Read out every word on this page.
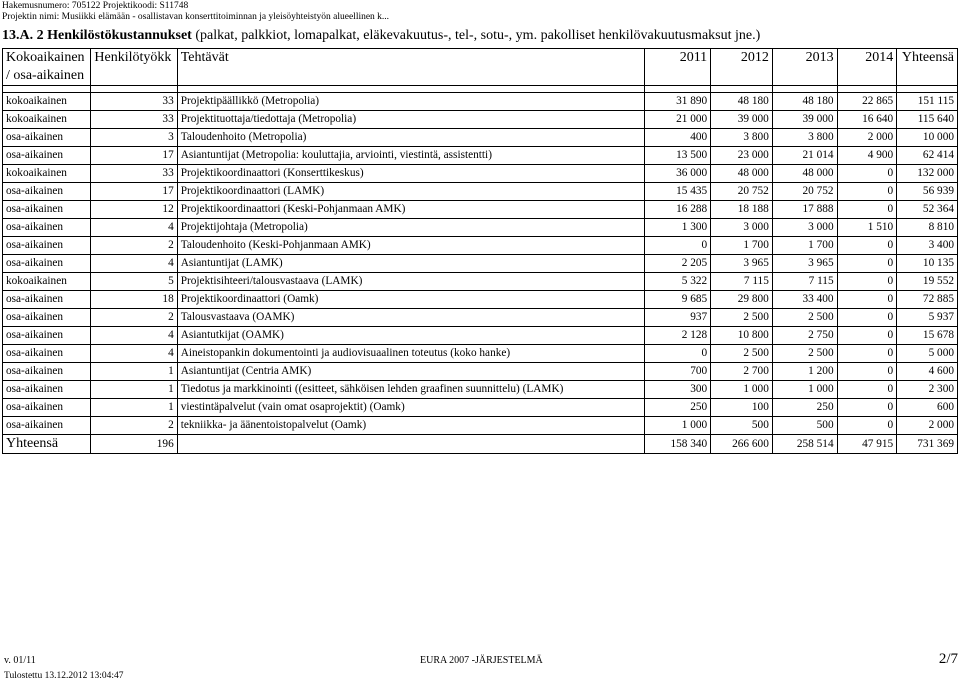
Hakemusnumero: 705122 Projektikoodi: S11748
Projektin nimi: Musiikki elämään - osallistavan konserttitoiminnan ja yleisöyhteistyön alueellinen k...
13.A. 2 Henkilöstökustannukset (palkat, palkkiot, lomapalkat, eläkevakuutus-, tel-, sotu-, ym. pakolliset henkilövakuutusmaksut jne.)
Kokoaikainen / osa-aikainen	Henkilötyökk	Tehtävät	2011	2012	2013	2014	Yhteensä

kokoaikainen	33	Projektipäällikkö (Metropolia)	31 890	48 180	48 180	22 865	151 115
kokoaikainen	33	Projektituottaja/tiedottaja (Metropolia)	21 000	39 000	39 000	16 640	115 640
osa-aikainen	3	Taloudenhoito (Metropolia)	400	3 800	3 800	2 000	10 000
osa-aikainen	17	Asiantuntijat (Metropolia: kouluttajia, arviointi, viestintä, assistentti)	13 500	23 000	21 014	4 900	62 414
kokoaikainen	33	Projektikoordinaattori (Konserttikeskus)	36 000	48 000	48 000	0	132 000
osa-aikainen	17	Projektikoordinaattori (LAMK)	15 435	20 752	20 752	0	56 939
osa-aikainen	12	Projektikoordinaattori (Keski-Pohjanmaan AMK)	16 288	18 188	17 888	0	52 364
osa-aikainen	4	Projektijohtaja (Metropolia)	1 300	3 000	3 000	1 510	8 810
osa-aikainen	2	Taloudenhoito (Keski-Pohjanmaan AMK)	0	1 700	1 700	0	3 400
osa-aikainen	4	Asiantuntijat (LAMK)	2 205	3 965	3 965	0	10 135
kokoaikainen	5	Projektisihteeri/talousvastaava (LAMK)	5 322	7 115	7 115	0	19 552
osa-aikainen	18	Projektikoordinaattori (Oamk)	9 685	29 800	33 400	0	72 885
osa-aikainen	2	Talousvastaava (OAMK)	937	2 500	2 500	0	5 937
osa-aikainen	4	Asiantutkijat (OAMK)	2 128	10 800	2 750	0	15 678
osa-aikainen	4	Aineistopankin dokumentointi ja audiovisuaalinen toteutus (koko hanke)	0	2 500	2 500	0	5 000
osa-aikainen	1	Asiantuntijat (Centria AMK)	700	2 700	1 200	0	4 600
osa-aikainen	1	Tiedotus ja markkinointi ((esitteet, sähköisen lehden graafinen suunnittelu) (LAMK)	300	1 000	1 000	0	2 300
osa-aikainen	1	viestintäpalvelut (vain omat osaprojektit) (Oamk)	250	100	250	0	600
osa-aikainen	2	tekniikka- ja äänentoistopalvelut (Oamk)	1 000	500	500	0	2 000
Yhteensä	196		158 340	266 600	258 514	47 915	731 369
v. 01/11
Tulostettu 13.12.2012 13:04:47
EURA 2007 -JÄRJESTELMÄ	2/7
